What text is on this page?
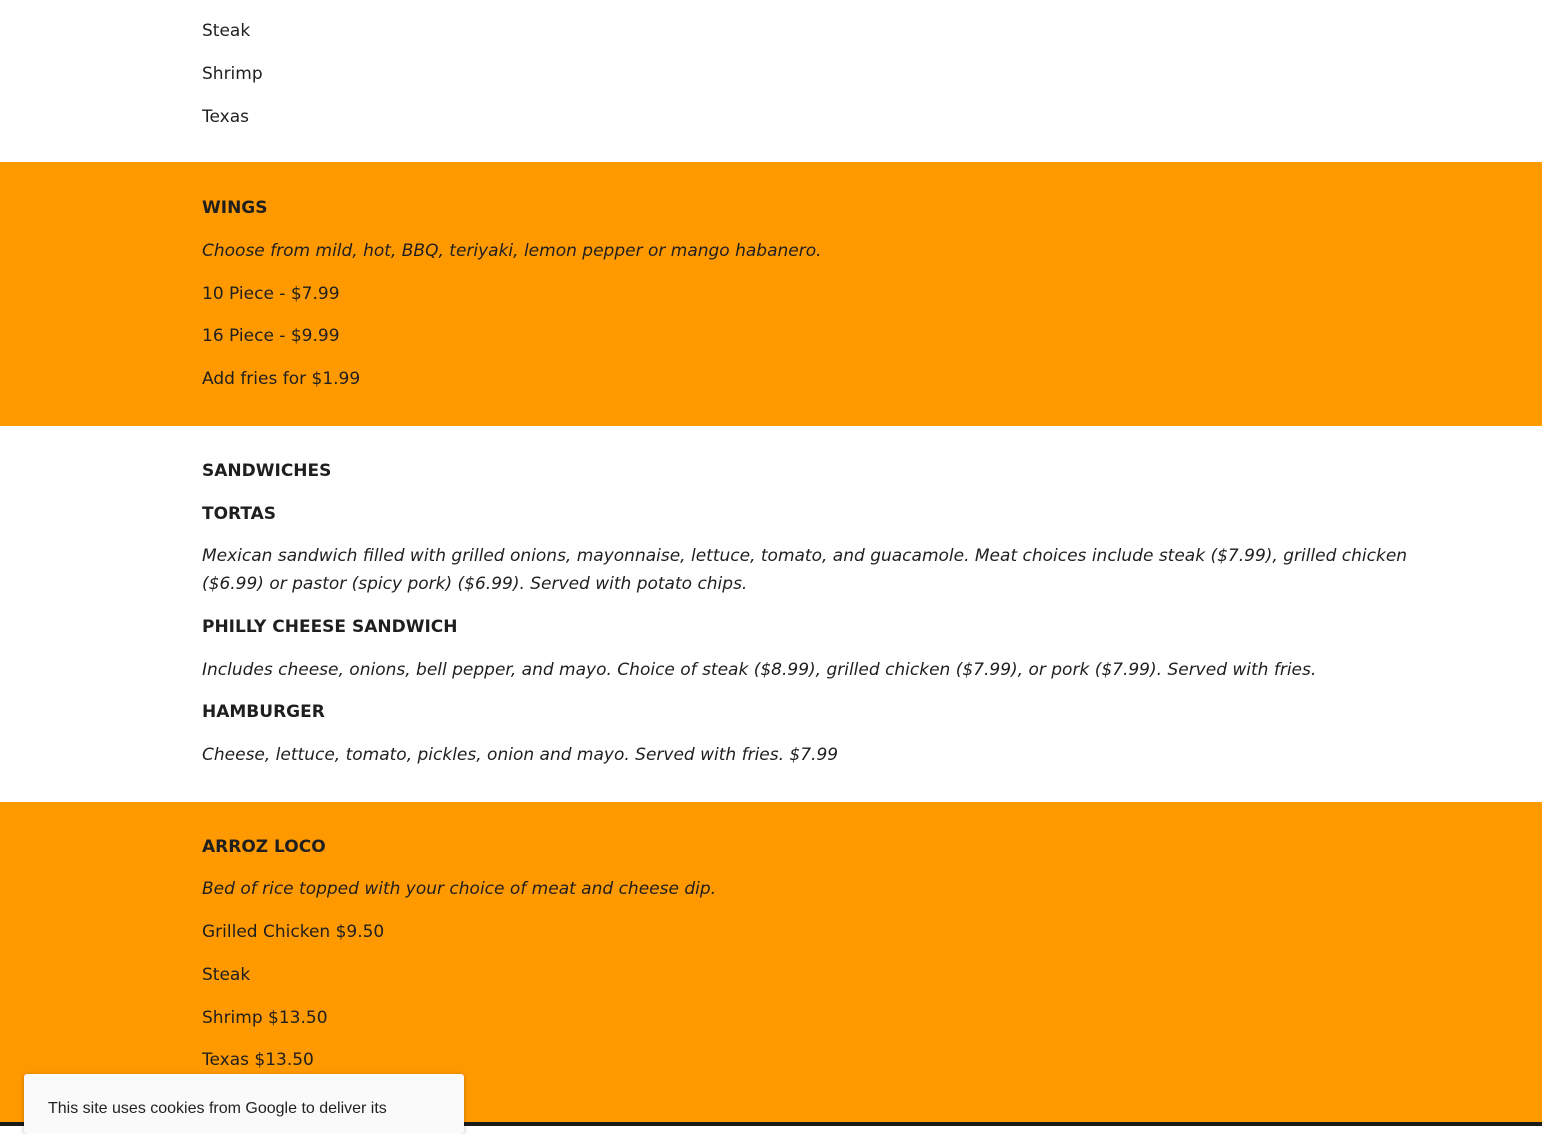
Steak
Shrimp
Texas
WINGS
Choose from mild, hot, BBQ, teriyaki, lemon pepper or mango habanero.
10 Piece - $7.99
16 Piece - $9.99
Add fries for $1.99
SANDWICHES
TORTAS
Mexican sandwich filled with grilled onions, mayonnaise, lettuce, tomato, and guacamole. Meat choices include steak ($7.99), grilled chicken
($6.99) or pastor (spicy pork) ($6.99). Served with potato chips.
PHILLY CHEESE SANDWICH
Includes cheese, onions, bell pepper, and mayo. Choice of steak ($8.99), grilled chicken ($7.99), or pork ($7.99). Served with fries.
HAMBURGER
Cheese, lettuce, tomato, pickles, onion and mayo. Served with fries. $7.99
ARROZ LOCO
Bed of rice topped with your choice of meat and cheese dip.
Grilled Chicken $9.50
Steak
Shrimp $13.50
Texas $13.50
This site uses cookies from Google to deliver its
